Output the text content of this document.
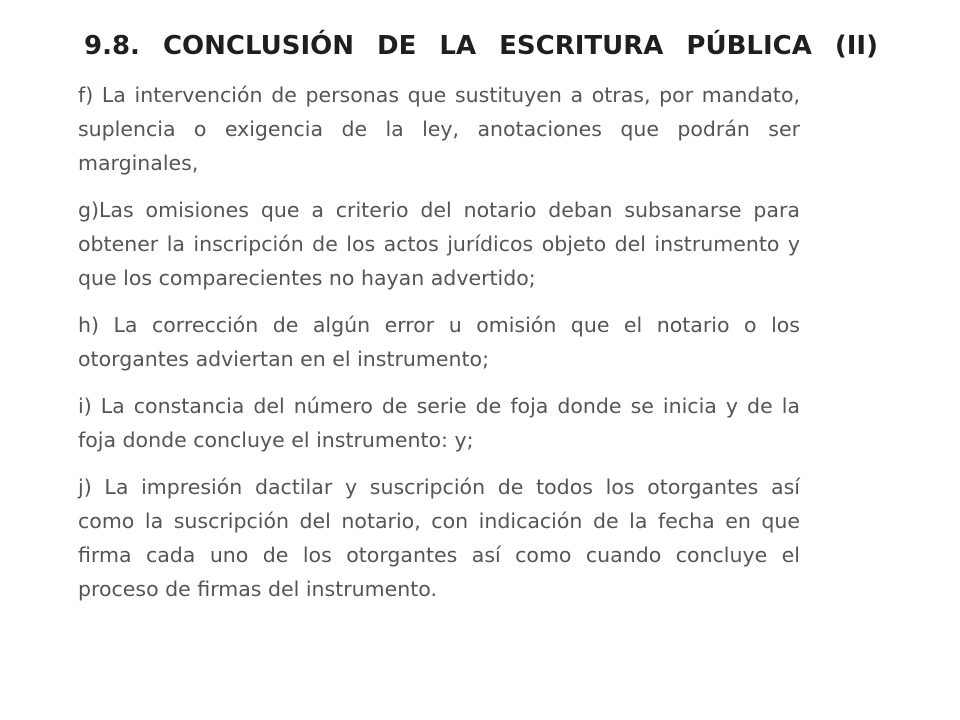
9.8. CONCLUSIÓN DE LA ESCRITURA PÚBLICA (II)

f) La intervención de personas que sustituyen a otras, por mandato, suplencia o exigencia de la ley, anotaciones que podrán ser marginales,

g)Las omisiones que a criterio del notario deban subsanarse para obtener la inscripción de los actos jurídicos objeto del instrumento y que los comparecientes no hayan advertido;

h) La corrección de algún error u omisión que el notario o los otorgantes adviertan en el instrumento;

i) La constancia del número de serie de foja donde se inicia y de la foja donde concluye el instrumento: y;

j) La impresión dactilar y suscripción de todos los otorgantes así como la suscripción del notario, con indicación de la fecha en que firma cada uno de los otorgantes así como cuando concluye el proceso de firmas del instrumento.
